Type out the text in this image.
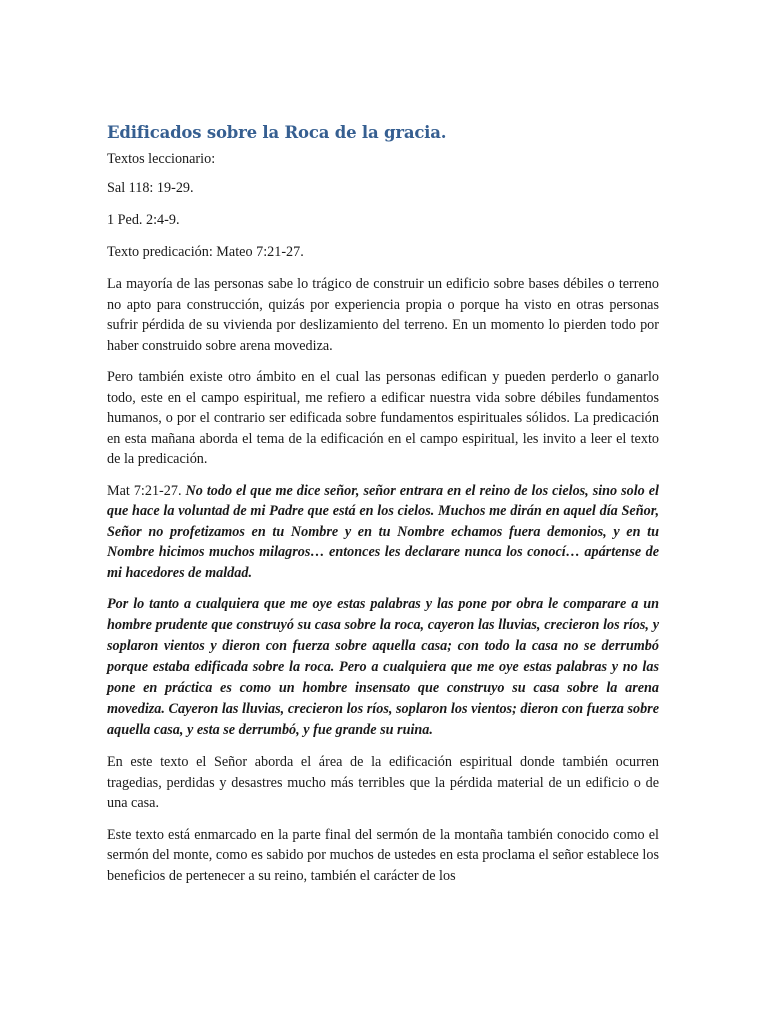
Edificados sobre la Roca de la gracia.

Textos leccionario:

Sal 118: 19-29.

1 Ped. 2:4-9.

Texto predicación: Mateo 7:21-27.

La mayoría de las personas sabe lo trágico de construir un edificio sobre bases débiles o terreno no apto para construcción, quizás por experiencia propia o porque ha visto en otras personas sufrir pérdida de su vivienda por deslizamiento del terreno. En un momento lo pierden todo por haber construido sobre arena movediza.

Pero también existe otro ámbito en el cual las personas edifican y pueden perderlo o ganarlo todo, este en el campo espiritual, me refiero a edificar nuestra vida sobre débiles fundamentos humanos, o por el contrario ser edificada sobre fundamentos espirituales sólidos. La predicación en esta mañana aborda el tema de la edificación en el campo espiritual, les invito a leer el texto de la predicación.

Mat 7:21-27. No todo el que me dice señor, señor entrara en el reino de los cielos, sino solo el que hace la voluntad de mi Padre que está en los cielos. Muchos me dirán en aquel día Señor, Señor no profetizamos en tu Nombre y en tu Nombre echamos fuera demonios, y en tu Nombre hicimos muchos milagros… entonces les declarare nunca los conocí… apártense de mi hacedores de maldad.

Por lo tanto a cualquiera que me oye estas palabras y las pone por obra le comparare a un hombre prudente que construyó su casa sobre la roca, cayeron las lluvias, crecieron los ríos, y soplaron vientos y dieron con fuerza sobre aquella casa; con todo la casa no se derrumbó porque estaba edificada sobre la roca. Pero a cualquiera que me oye estas palabras y no las pone en práctica es como un hombre insensato que construyo su casa sobre la arena movediza. Cayeron las lluvias, crecieron los ríos, soplaron los vientos; dieron con fuerza sobre aquella casa, y esta se derrumbó, y fue grande su ruina.

En este texto el Señor aborda el área de la edificación espiritual donde también ocurren tragedias, perdidas y desastres mucho más terribles que la pérdida material de un edificio o de una casa.

Este texto está enmarcado en la parte final del sermón de la montaña también conocido como el sermón del monte, como es sabido por muchos de ustedes en esta proclama el señor establece los beneficios de pertenecer a su reino, también el carácter de los
